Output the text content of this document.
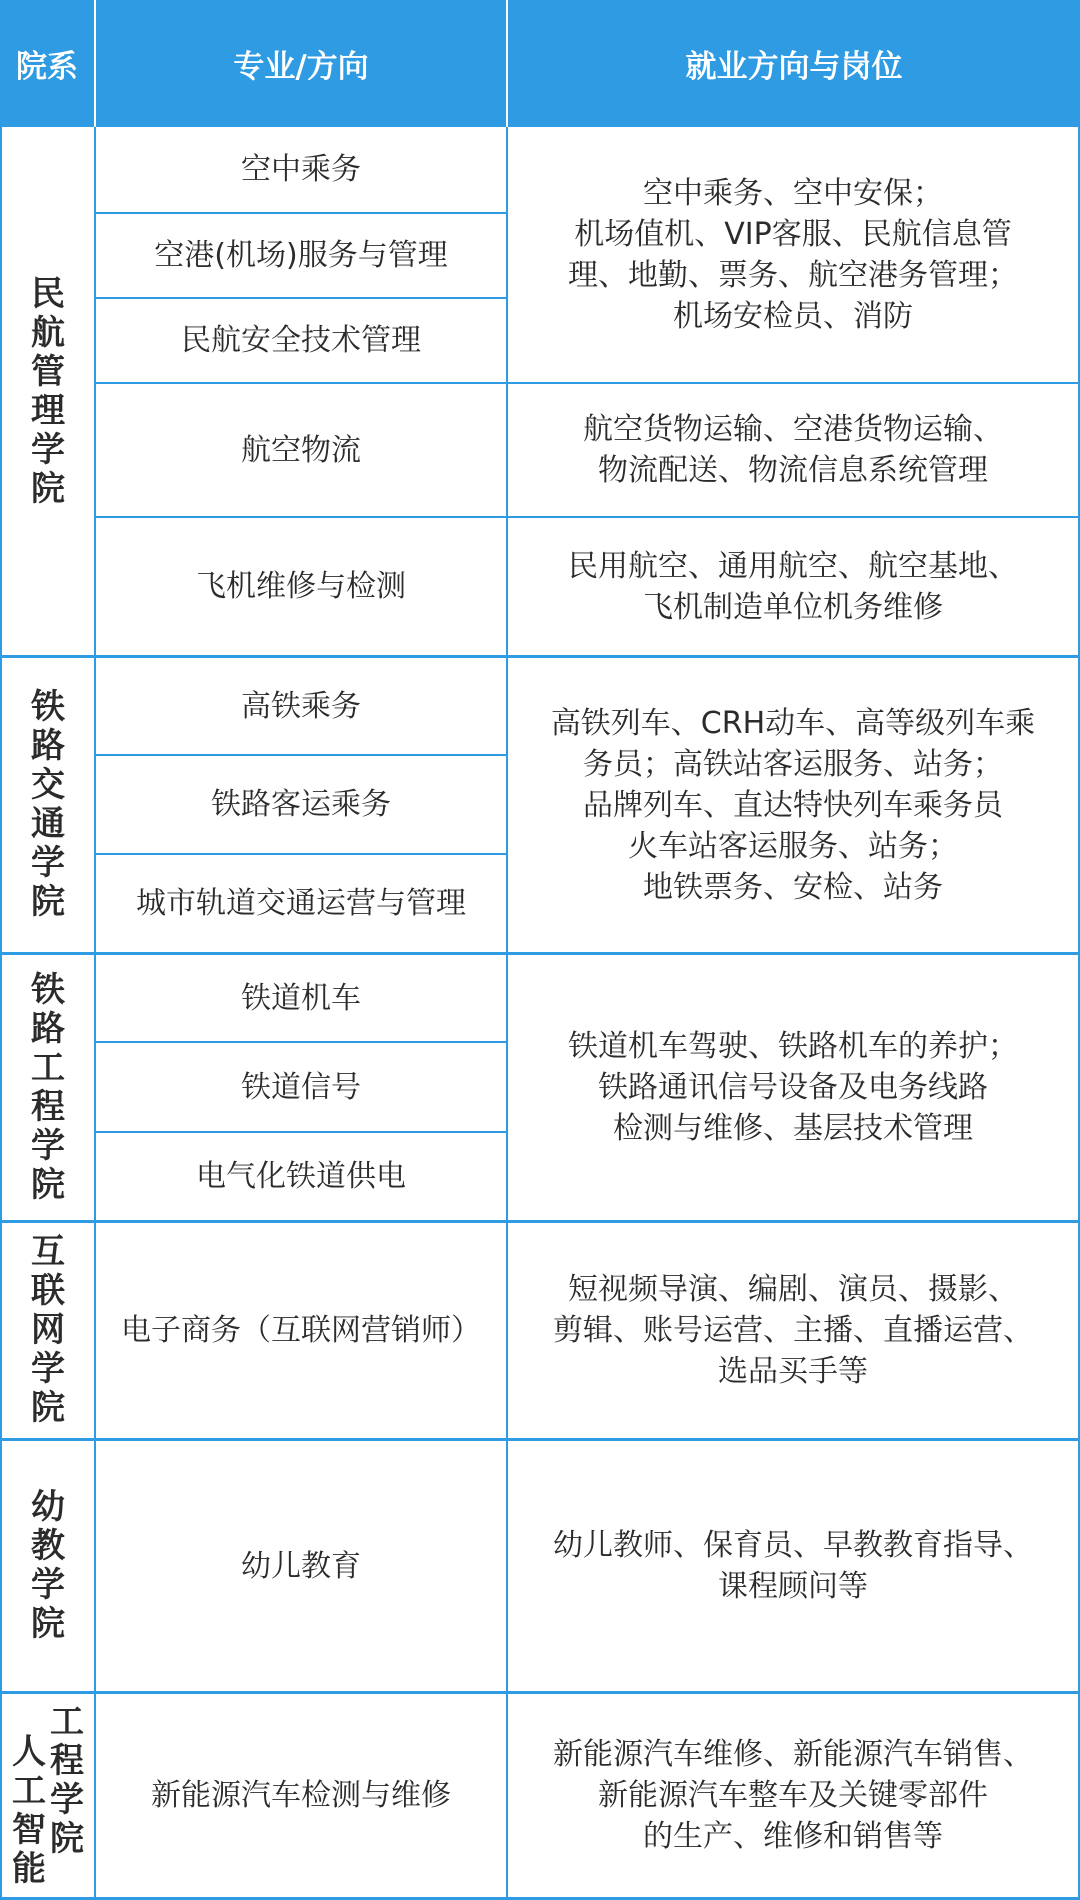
院系	专业/方向	就业方向与岗位
民航管理学院
空中乘务
空港(机场)服务与管理
民航安全技术管理
航空物流
飞机维修与检测
空中乘务、空中安保；
机场值机、VIP客服、民航信息管
理、地勤、票务、航空港务管理；
机场安检员、消防
航空货物运输、空港货物运输、
物流配送、物流信息系统管理
民用航空、通用航空、航空基地、
飞机制造单位机务维修
铁路交通学院
高铁乘务
铁路客运乘务
城市轨道交通运营与管理
高铁列车、CRH动车、高等级列车乘
务员；高铁站客运服务、站务；
品牌列车、直达特快列车乘务员
火车站客运服务、站务；
地铁票务、安检、站务
铁路工程学院
铁道机车
铁道信号
电气化铁道供电
铁道机车驾驶、铁路机车的养护；
铁路通讯信号设备及电务线路
检测与维修、基层技术管理
互联网学院
电子商务（互联网营销师）
短视频导演、编剧、演员、摄影、
剪辑、账号运营、主播、直播运营、
选品买手等
幼教学院
幼儿教育
幼儿教师、保育员、早教教育指导、
课程顾问等
人工智能
工程学院
新能源汽车检测与维修
新能源汽车维修、新能源汽车销售、
新能源汽车整车及关键零部件
的生产、维修和销售等
